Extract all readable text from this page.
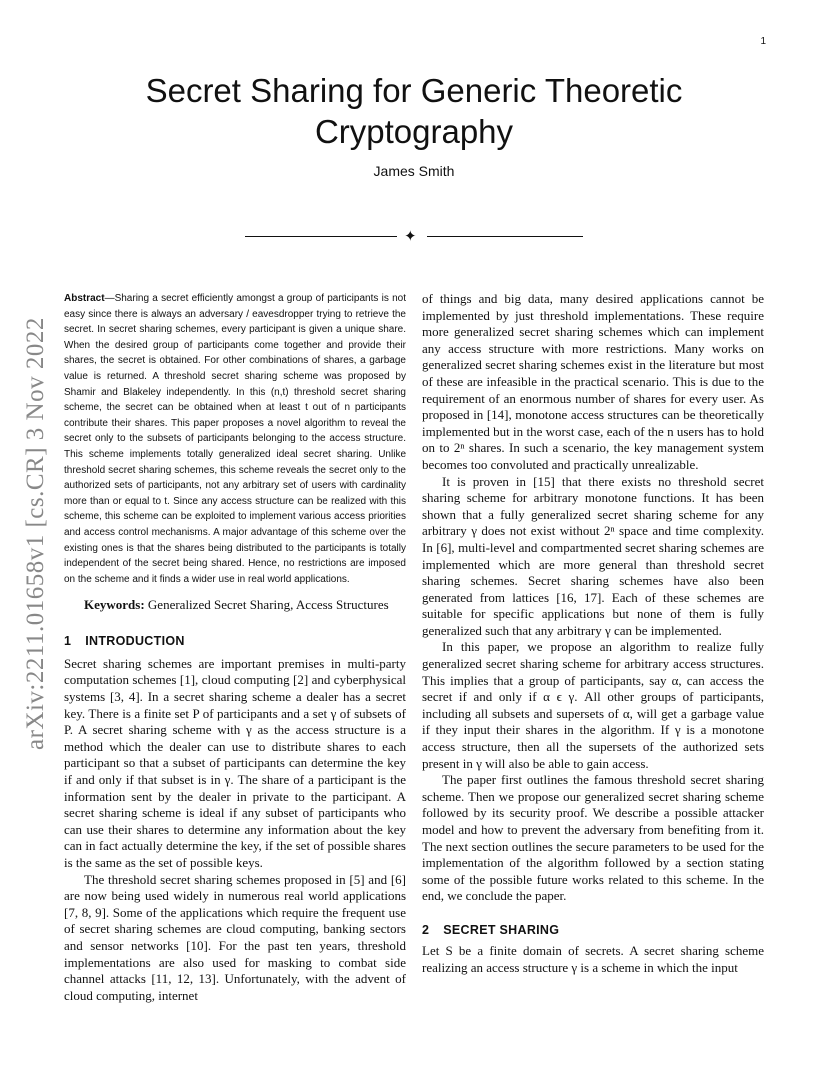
1
arXiv:2211.01658v1 [cs.CR] 3 Nov 2022
Secret Sharing for Generic Theoretic Cryptography
James Smith
✦

Abstract—Sharing a secret efficiently amongst a group of participants is not easy since there is always an adversary / eavesdropper trying to retrieve the secret. In secret sharing schemes, every participant is given a unique share. When the desired group of participants come together and provide their shares, the secret is obtained. For other combinations of shares, a garbage value is returned. A threshold secret sharing scheme was proposed by Shamir and Blakeley independently. In this (n,t) threshold secret sharing scheme, the secret can be obtained when at least t out of n participants contribute their shares. This paper proposes a novel algorithm to reveal the secret only to the subsets of participants belonging to the access structure. This scheme implements totally generalized ideal secret sharing. Unlike threshold secret sharing schemes, this scheme reveals the secret only to the authorized sets of participants, not any arbitrary set of users with cardinality more than or equal to t. Since any access structure can be realized with this scheme, this scheme can be exploited to implement various access priorities and access control mechanisms. A major advantage of this scheme over the existing ones is that the shares being distributed to the participants is totally independent of the secret being shared. Hence, no restrictions are imposed on the scheme and it finds a wider use in real world applications.

Keywords: Generalized Secret Sharing, Access Structures

1 INTRODUCTION

Secret sharing schemes are important premises in multi-party computation schemes [1], cloud computing [2] and cyberphysical systems [3, 4]. In a secret sharing scheme a dealer has a secret key. There is a finite set P of participants and a set γ of subsets of P. A secret sharing scheme with γ as the access structure is a method which the dealer can use to distribute shares to each participant so that a subset of participants can determine the key if and only if that subset is in γ. The share of a participant is the information sent by the dealer in private to the participant. A secret sharing scheme is ideal if any subset of participants who can use their shares to determine any information about the key can in fact actually determine the key, if the set of possible shares is the same as the set of possible keys.

The threshold secret sharing schemes proposed in [5] and [6] are now being used widely in numerous real world applications [7, 8, 9]. Some of the applications which require the frequent use of secret sharing schemes are cloud computing, banking sectors and sensor networks [10]. For the past ten years, threshold implementations are also used for masking to combat side channel attacks [11, 12, 13]. Unfortunately, with the advent of cloud computing, internet

of things and big data, many desired applications cannot be implemented by just threshold implementations. These require more generalized secret sharing schemes which can implement any access structure with more restrictions. Many works on generalized secret sharing schemes exist in the literature but most of these are infeasible in the practical scenario. This is due to the requirement of an enormous number of shares for every user. As proposed in [14], monotone access structures can be theoretically implemented but in the worst case, each of the n users has to hold on to 2ⁿ shares. In such a scenario, the key management system becomes too convoluted and practically unrealizable.

It is proven in [15] that there exists no threshold secret sharing scheme for arbitrary monotone functions. It has been shown that a fully generalized secret sharing scheme for any arbitrary γ does not exist without 2ⁿ space and time complexity. In [6], multi-level and compartmented secret sharing schemes are implemented which are more general than threshold secret sharing schemes. Secret sharing schemes have also been generated from lattices [16, 17]. Each of these schemes are suitable for specific applications but none of them is fully generalized such that any arbitrary γ can be implemented.

In this paper, we propose an algorithm to realize fully generalized secret sharing scheme for arbitrary access structures. This implies that a group of participants, say α, can access the secret if and only if α ϵ γ. All other groups of participants, including all subsets and supersets of α, will get a garbage value if they input their shares in the algorithm. If γ is a monotone access structure, then all the supersets of the authorized sets present in γ will also be able to gain access.

The paper first outlines the famous threshold secret sharing scheme. Then we propose our generalized secret sharing scheme followed by its security proof. We describe a possible attacker model and how to prevent the adversary from benefiting from it. The next section outlines the secure parameters to be used for the implementation of the algorithm followed by a section stating some of the possible future works related to this scheme. In the end, we conclude the paper.

2 SECRET SHARING

Let S be a finite domain of secrets. A secret sharing scheme realizing an access structure γ is a scheme in which the input
